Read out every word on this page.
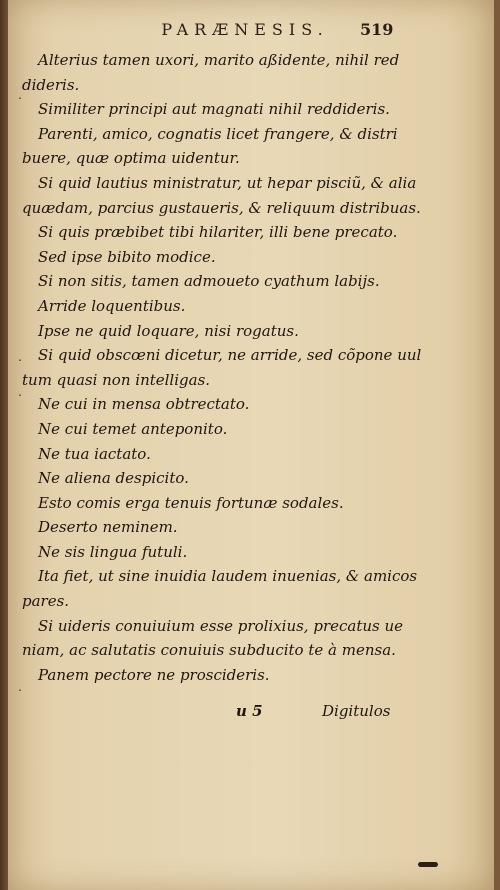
PARÆNESIS.	519
Alterius tamen uxori, marito aßidente, nihil red
dideris.
Similiter principi aut magnati nihil reddideris.
Parenti, amico, cognatis licet frangere, & distri
buere, quæ optima uidentur.
Si quid lautius ministratur, ut hepar pisciũ, & alia
quædam, parcius gustaueris, & reliquum distribuas.
Si quis præbibet tibi hilariter, illi bene precato.
Sed ipse bibito modice.
Si non sitis, tamen admoueto cyathum labijs.
Arride loquentibus.
Ipse ne quid loquare, nisi rogatus.
Si quid obscœni dicetur, ne arride, sed cõpone uul
tum quasi non intelligas.
Ne cui in mensa obtrectato.
Ne cui temet anteponito.
Ne tua iactato.
Ne aliena despicito.
Esto comis erga tenuis fortunæ sodales.
Deserto neminem.
Ne sis lingua futuli.
Ita fiet, ut sine inuidia laudem inuenias, & amicos
pares.
Si uideris conuiuium esse prolixius, precatus ue
niam, ac salutatis conuiuis subducito te à mensa.
Panem pectore ne proscideris.
u 5	Digitulos
.
.
.
.
